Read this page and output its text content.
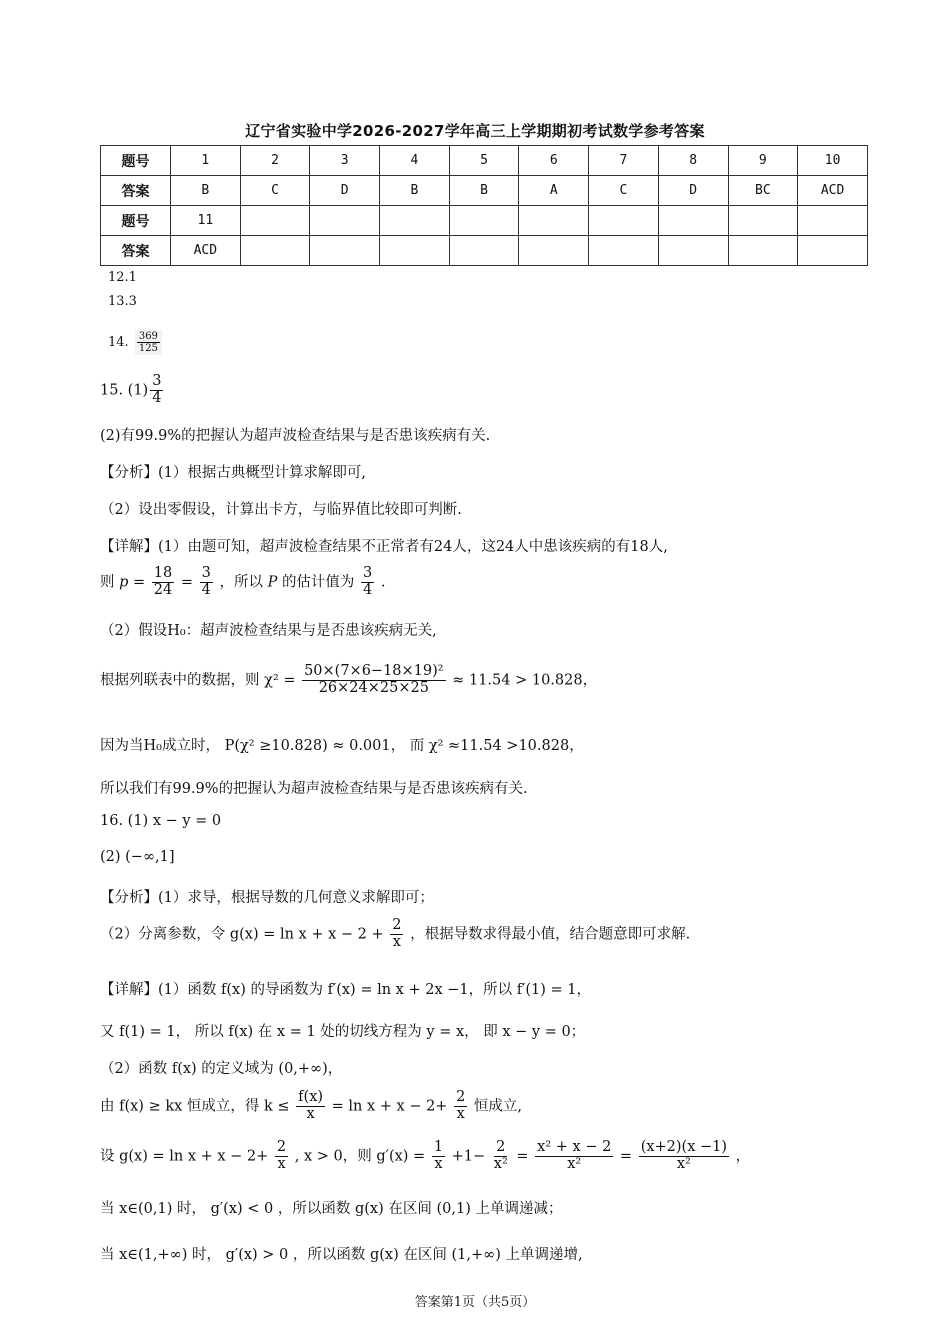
辽宁省实验中学2026-2027学年高三上学期期初考试数学参考答案
题号	1	2	3	4	5	6	7	8	9	10
答案	B	C	D	B	B	A	C	D	BC	ACD
题号	11									
答案	ACD									
12.1
13.3
14. $\frac{369}{125}$
15. $(1) \frac{3}{4}$
(2)有99.9%的把握认为超声波检查结果与是否患该疾病有关.
【分析】(1）根据古典概型计算求解即可,
（2）设出零假设，计算出卡方，与临界值比较即可判断.
【详解】(1）由题可知，超声波检查结果不正常者有24人，这24人中患该疾病的有18人,
则 $p = \frac{18}{24} = \frac{3}{4}$ ，所以 P 的估计值为 $\frac{3}{4}$ .
（2）假设H₀：超声波检查结果与是否患该疾病无关,
根据列联表中的数据，则 $\chi^2 = \frac{\text{50×(7×6−18×19)²}}{26\times 24\times 25\times 25} \approx 11.54 > 10.828$，
因为当H₀成立时， P(χ² ≥10.828) ≈ 0.001， 而 χ² ≈11.54 >10.828，
所以我们有99.9%的把握认为超声波检查结果与是否患该疾病有关.
16. (1) x − y = 0
(2) (−∞,1]
【分析】(1）求导，根据导数的几何意义求解即可；
（2）分离参数，令 $g(x) = \ln x + x - 2 + \frac{2}{x}$ ，根据导数求得最小值，结合题意即可求解.
【详解】(1）函数 f(x) 的导函数为 f′(x) = ln x + 2x −1，所以 f′(1) = 1，
又 f(1) = 1， 所以 f(x) 在 x = 1 处的切线方程为 y = x， 即 x − y = 0；
（2）函数 f(x) 的定义域为 (0,+∞)，
由 f(x) ≥ kx 恒成立，得 $k \le \frac{f(x)}{x} = \ln x + x - 2+ \frac{2}{x}$ 恒成立,
设 $g(x) = \ln x + x - 2+ \frac{2}{x}$ , x > 0，则 $g'(x) = \frac{1}{x} +1- \frac{2}{\text{x²}} = \frac{\text{x² + x − 2}}{\text{x²}} = \frac{(x+2)(x -1)}{\text{x²}}$ ，
当 x∈(0,1) 时， g′(x) < 0 ，所以函数 g(x) 在区间 (0,1) 上单调递减；
当 x∈(1,+∞) 时， g′(x) > 0 ，所以函数 g(x) 在区间 (1,+∞) 上单调递增,
答案第1页（共5页）
